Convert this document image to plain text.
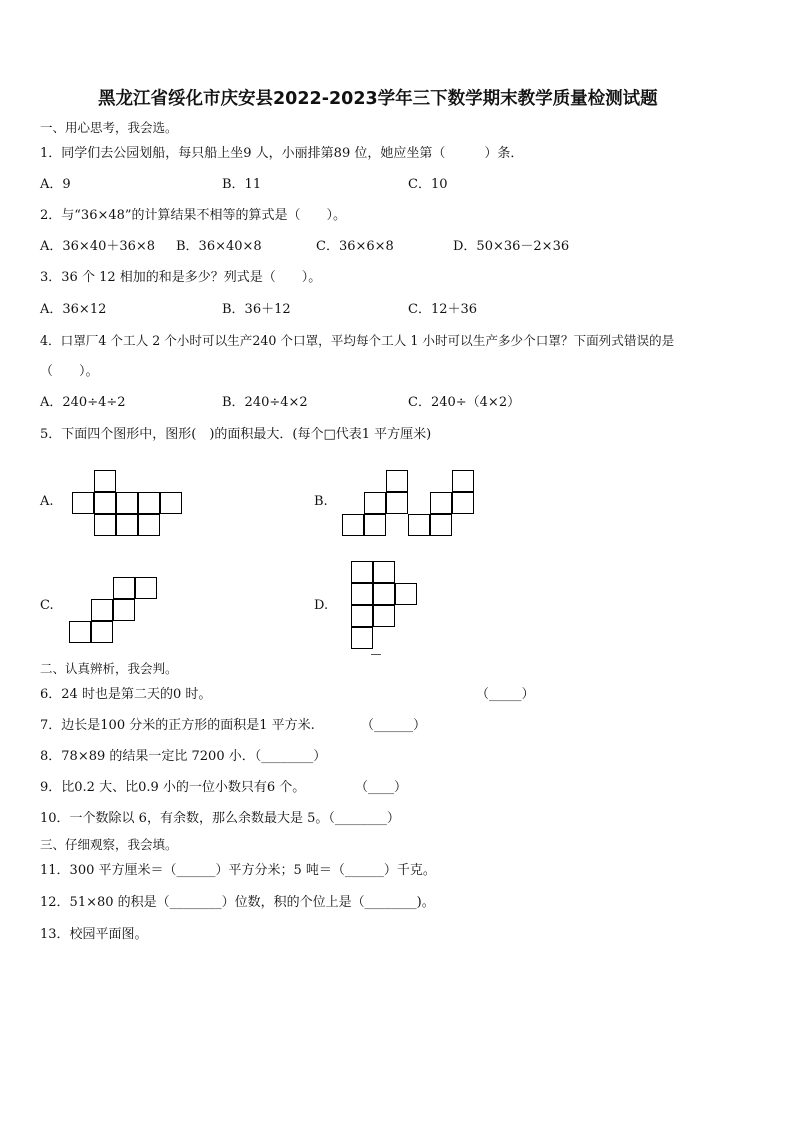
黑龙江省绥化市庆安县2022-2023学年三下数学期末教学质量检测试题
一、用心思考，我会选。
1．同学们去公园划船，每只船上坐9 人，小丽排第89 位，她应坐第（　　　）条．
A．9	B．11	C．10
2．与“36×48”的计算结果不相等的算式是（　　）。
A．36×40＋36×8 B．36×40×8	C．36×6×8	D．50×36－2×36
3．36 个 12 相加的和是多少？列式是（　　）。
A．36×12	B．36＋12	C．12＋36
4．口罩厂4 个工人 2 个小时可以生产240 个口罩，平均每个工人 1 小时可以生产多少个口罩？下面列式错误的是
（　　）。
A．240÷4÷2	B．240÷4×2	C．240÷（4×2）
5．下面四个图形中，图形(　)的面积最大．(每个□代表1 平方厘米)
A.	B.
C.	D.
二、认真辨析，我会判。
6．24 时也是第二天的0 时。	（_____）
7．边长是100 分米的正方形的面积是1 平方米.	（______）
8．78×89 的结果一定比 7200 小．（________）
9．比0.2 大、比0.9 小的一位小数只有6 个。	（____）
10．一个数除以 6，有余数，那么余数最大是 5。（________）
三、仔细观察，我会填。
11．300 平方厘米＝（______）平方分米；5 吨＝（______）千克。
12．51×80 的积是（________）位数，积的个位上是（________)。
13．校园平面图。
